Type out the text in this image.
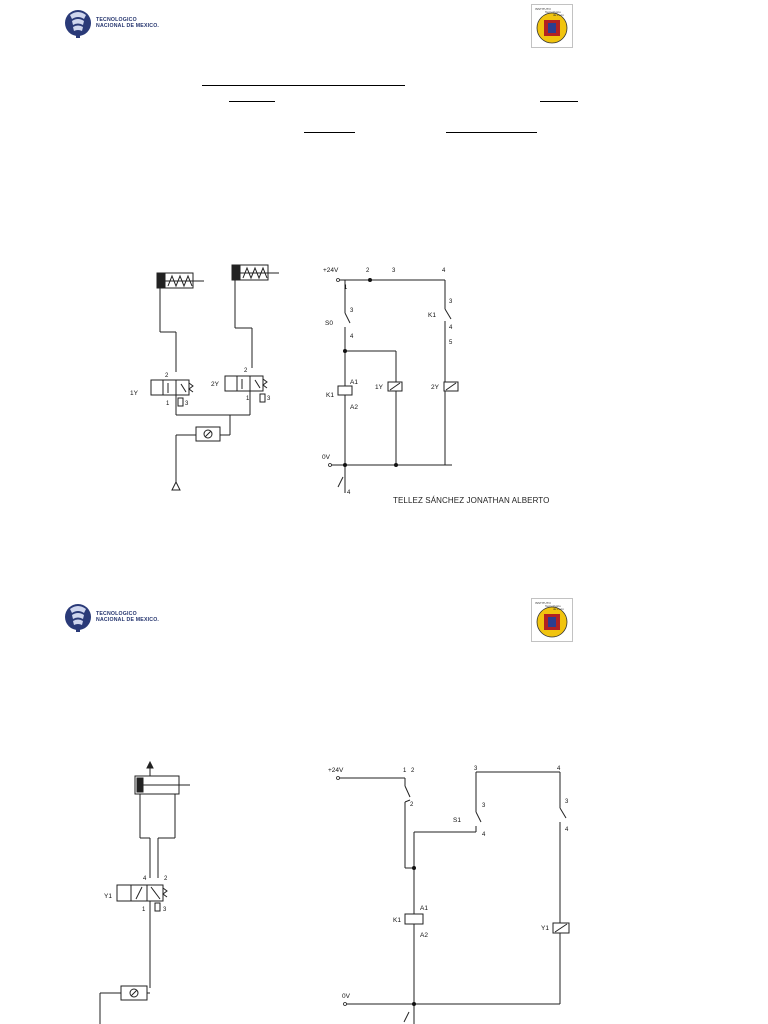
TECNOLOGICO
NACIONAL DE MEXICO.
INSTITUTO
Tecnológico
de León
+24V
0V
K1
1Y	2Y
S0
K1
A1
A2
1
2	3	4
3
4
3
4
5
4
1Y
2Y
2
1	3
2
1	3
TELLEZ SÁNCHEZ JONATHAN ALBERTO
TECNOLOGICO
NACIONAL DE MEXICO.
INSTITUTO
Tecnológico
de León
+24V
0V
K1
Y1
S1
A1
A2
1 2
2
3	4
3
4
3
4
Y1
4	2
1	3
